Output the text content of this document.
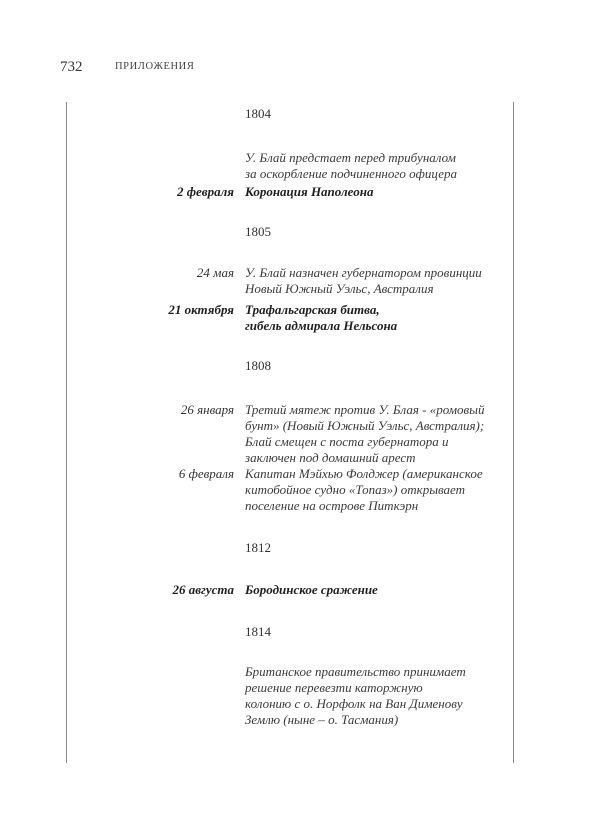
732	ПРИЛОЖЕНИЯ
1804
У. Блай предстает перед трибуналом
за оскорбление подчиненного офицера
2 февраля Коронация Наполеона
1805
24 мая У. Блай назначен губернатором провинции
Новый Южный Уэльс, Австралия
21 октября Трафальгарская битва,
гибель адмирала Нельсона
1808
26 января Третий мятеж против У. Блая - «ромовый
бунт» (Новый Южный Уэльс, Австралия);
Блай смещен с поста губернатора и
заключен под домашний арест
6 февраля Капитан Мэйхью Фолджер (американское
китобойное судно «Топаз») открывает
поселение на острове Питкэрн
1812
26 августа Бородинское сражение
1814
Британское правительство принимает
решение перевезти каторжную
колонию с о. Норфолк на Ван Дименову
Землю (ныне – о. Тасмания)
